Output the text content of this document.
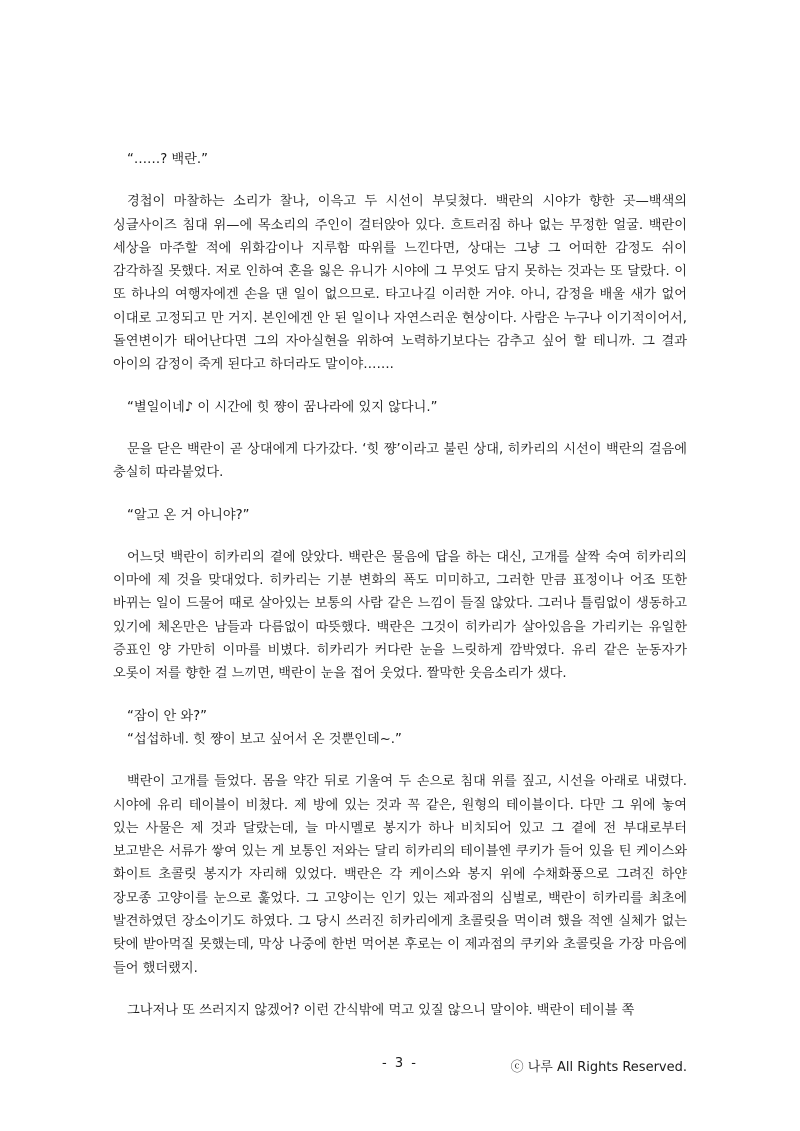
“……? 백란.”

경첩이 마찰하는 소리가 찰나, 이윽고 두 시선이 부딪쳤다. 백란의 시야가 향한 곳—백색의 싱글사이즈 침대 위—에 목소리의 주인이 걸터앉아 있다. 흐트러짐 하나 없는 무정한 얼굴. 백란이 세상을 마주할 적에 위화감이나 지루함 따위를 느낀다면, 상대는 그냥 그 어떠한 감정도 쉬이 감각하질 못했다. 저로 인하여 혼을 잃은 유니가 시야에 그 무엇도 담지 못하는 것과는 또 달랐다. 이 또 하나의 여행자에겐 손을 댄 일이 없으므로. 타고나길 이러한 거야. 아니, 감정을 배울 새가 없어 이대로 고정되고 만 거지. 본인에겐 안 된 일이나 자연스러운 현상이다. 사람은 누구나 이기적이어서, 돌연변이가 태어난다면 그의 자아실현을 위하여 노력하기보다는 감추고 싶어 할 테니까. 그 결과 아이의 감정이 죽게 된다고 하더라도 말이야…….

“별일이네♪ 이 시간에 힛 쨩이 꿈나라에 있지 않다니.”

문을 닫은 백란이 곧 상대에게 다가갔다. ‘힛 쨩’이라고 불린 상대, 히카리의 시선이 백란의 걸음에 충실히 따라붙었다.

“알고 온 거 아니야?”

어느덧 백란이 히카리의 곁에 앉았다. 백란은 물음에 답을 하는 대신, 고개를 살짝 숙여 히카리의 이마에 제 것을 맞대었다. 히카리는 기분 변화의 폭도 미미하고, 그러한 만큼 표정이나 어조 또한 바뀌는 일이 드물어 때로 살아있는 보통의 사람 같은 느낌이 들질 않았다. 그러나 틀림없이 생동하고 있기에 체온만은 남들과 다름없이 따뜻했다. 백란은 그것이 히카리가 살아있음을 가리키는 유일한 증표인 양 가만히 이마를 비볐다. 히카리가 커다란 눈을 느릿하게 깜박였다. 유리 같은 눈동자가 오롯이 저를 향한 걸 느끼면, 백란이 눈을 접어 웃었다. 짤막한 웃음소리가 샜다.

“잠이 안 와?”

“섭섭하네. 힛 쨩이 보고 싶어서 온 것뿐인데~.”

백란이 고개를 들었다. 몸을 약간 뒤로 기울여 두 손으로 침대 위를 짚고, 시선을 아래로 내렸다. 시야에 유리 테이블이 비쳤다. 제 방에 있는 것과 꼭 같은, 원형의 테이블이다. 다만 그 위에 놓여 있는 사물은 제 것과 달랐는데, 늘 마시멜로 봉지가 하나 비치되어 있고 그 곁에 전 부대로부터 보고받은 서류가 쌓여 있는 게 보통인 저와는 달리 히카리의 테이블엔 쿠키가 들어 있을 틴 케이스와 화이트 초콜릿 봉지가 자리해 있었다. 백란은 각 케이스와 봉지 위에 수채화풍으로 그려진 하얀 장모종 고양이를 눈으로 훑었다. 그 고양이는 인기 있는 제과점의 심벌로, 백란이 히카리를 최초에 발견하였던 장소이기도 하였다. 그 당시 쓰러진 히카리에게 초콜릿을 먹이려 했을 적엔 실체가 없는 탓에 받아먹질 못했는데, 막상 나중에 한번 먹어본 후로는 이 제과점의 쿠키와 초콜릿을 가장 마음에 들어 했더랬지.

그나저나 또 쓰러지지 않겠어? 이런 간식밖에 먹고 있질 않으니 말이야. 백란이 테이블 쪽

- 3 -	ⓒ 나루 All Rights Reserved.
